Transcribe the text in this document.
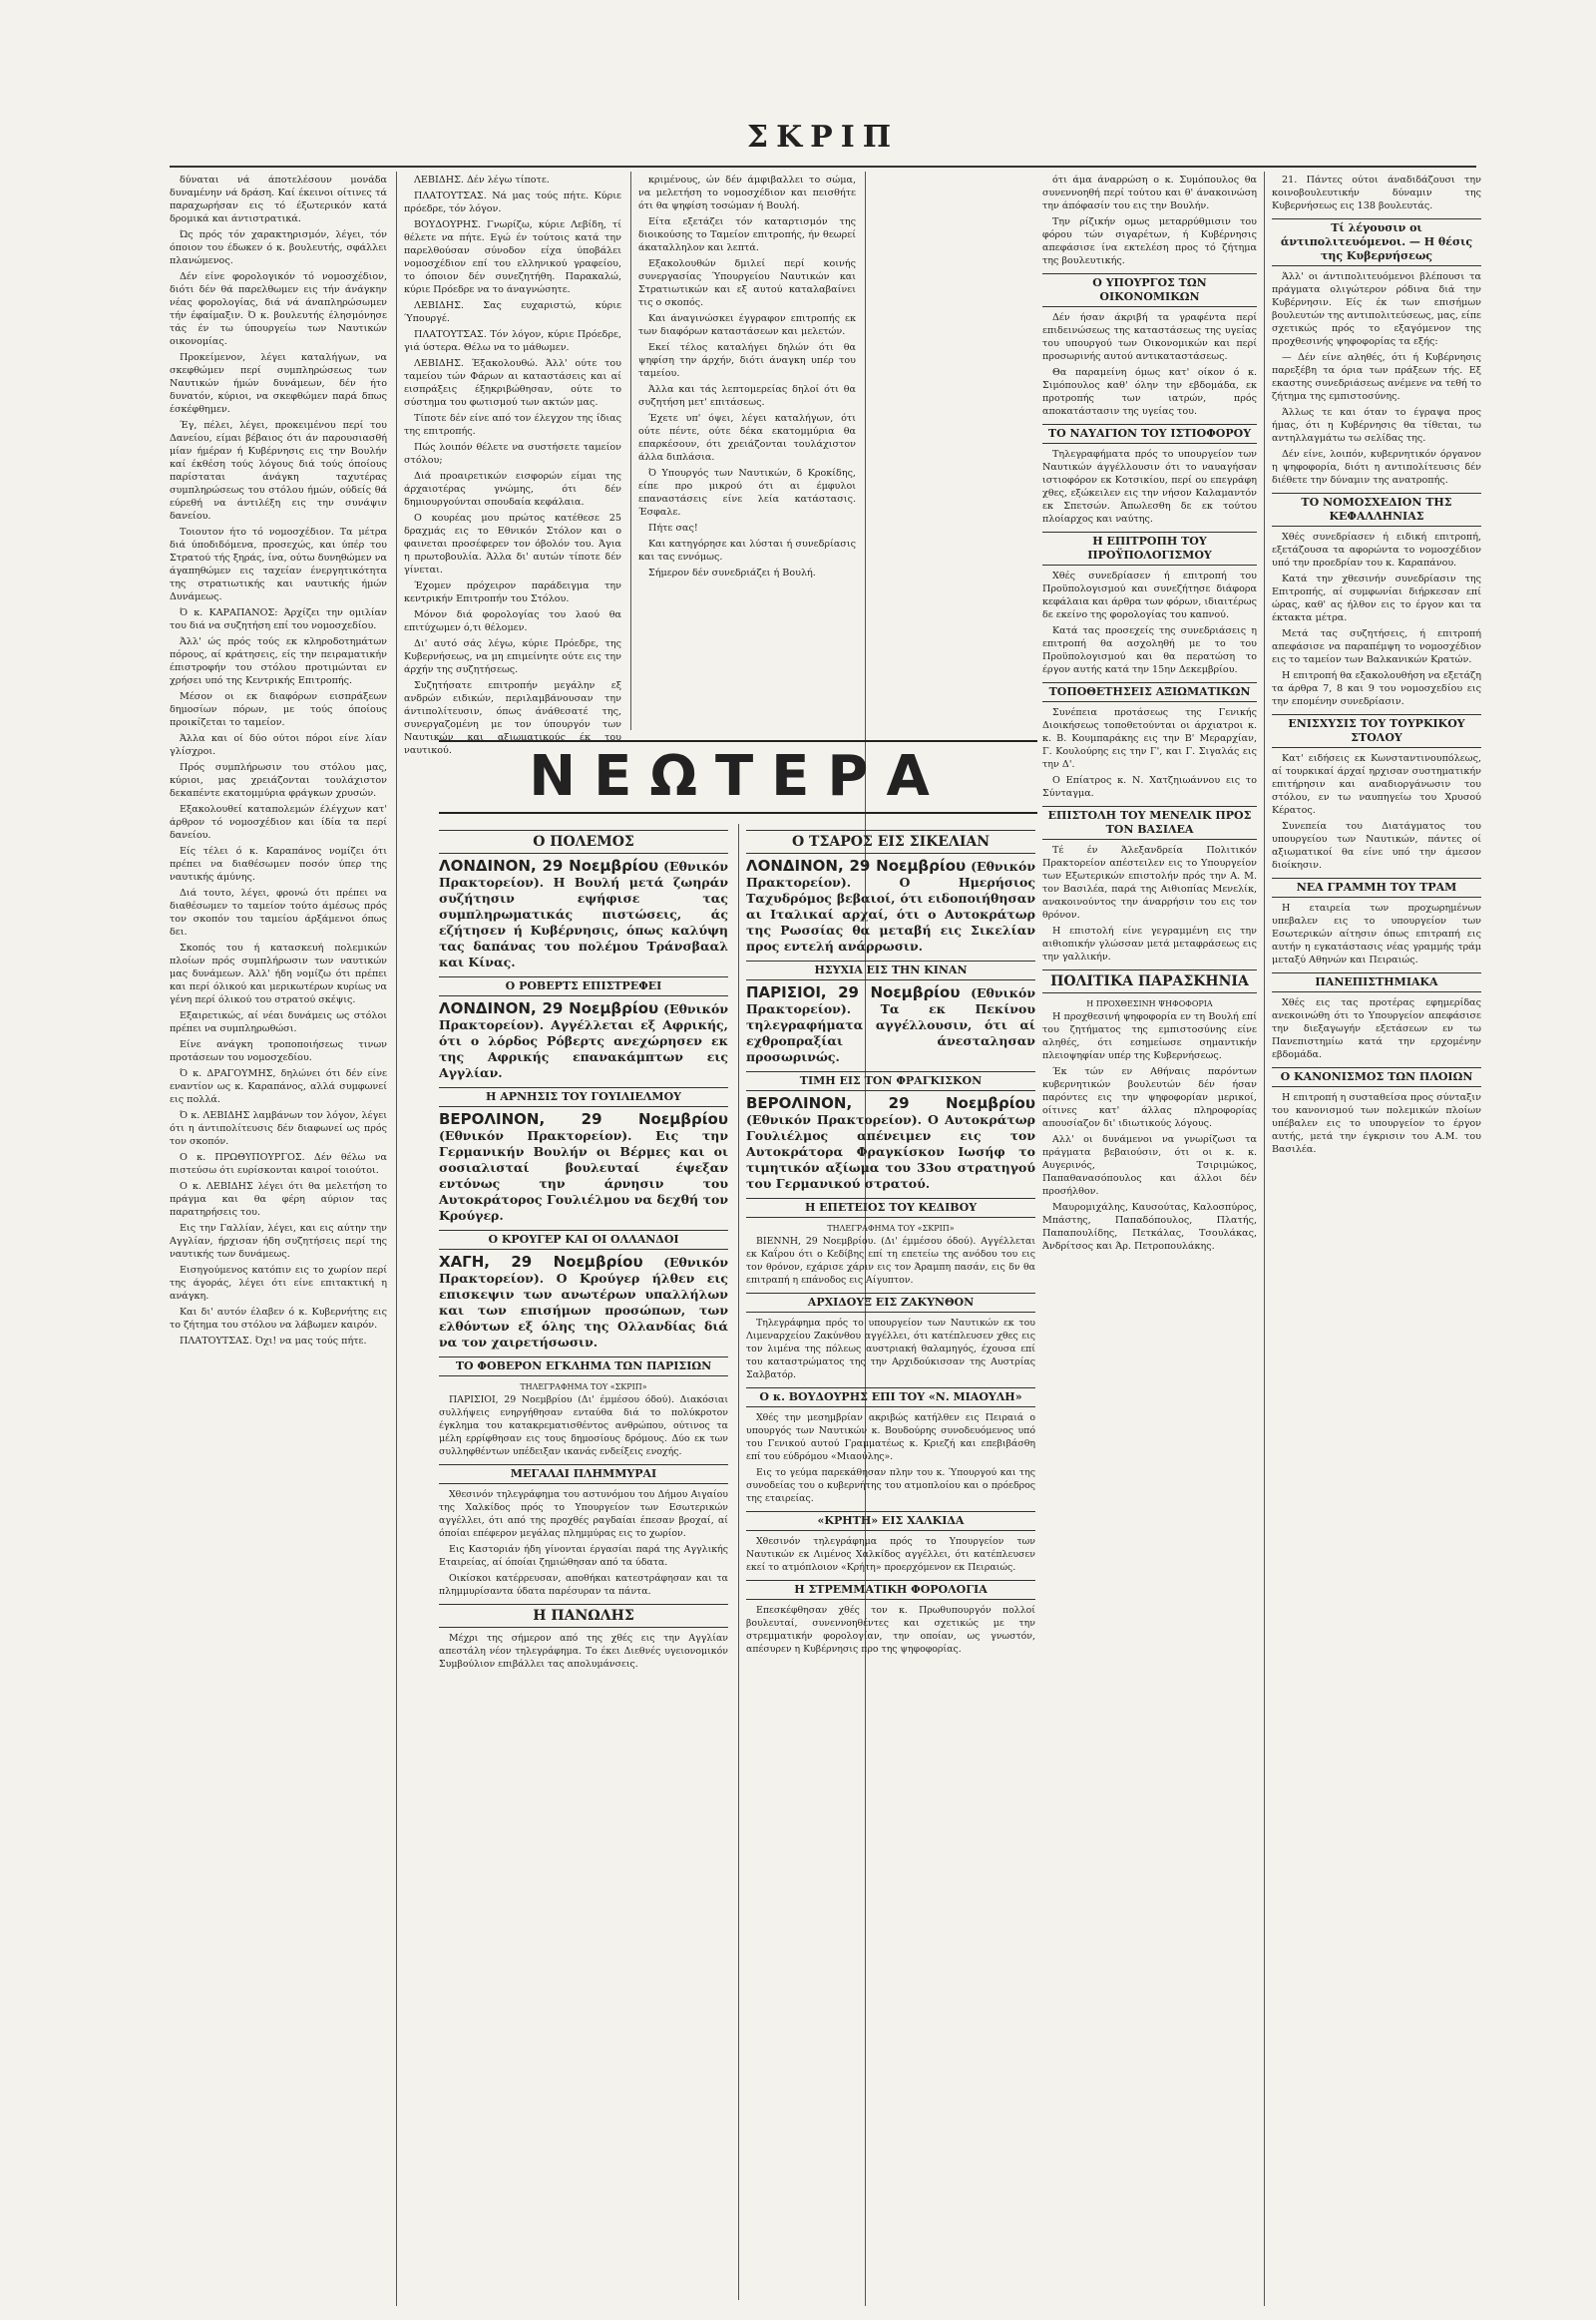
ΣΚΡΙΠ

δύναται νά άποτελέσουν μονάδα δυναμένην νά δράση. Καί έκεινοι οίτινες τά παραχωρήσαν εις τό έξωτερικόν κατά δρομικά και άντιστρατικά.

Ώς πρός τόν χαρακτηρισμόν, λέγει, τόν όποιον του έδωκεν ό κ. βουλευτής, σφάλλει πλανώμενος.

Δέν είνε φορολογικόν τό νομοσχέδιον, διότι δέν θά παρελθωμεν εις τήν άνάγκην νέας φορολογίας, διά νά άναπληρώσωμεν τήν έφαίμαξιν. Ό κ. βουλευτής έλησμόνησε τάς έν τω ύπουργείω των Ναυτικών οικονομίας.

Προκείμενον, λέγει καταλήγων, να σκεφθώμεν περί συμπληρώσεως των Ναυτικών ήμών δυνάμεων, δέν ήτο δυνατόν, κύριοι, να σκεφθώμεν παρά δπως έσκέφθημεν.

Έγ, πέλει, λέγει, προκειμένου περί του Δανείου, είμαι βέβαιος ότι άν παρουσιασθή μίαν ήμέραν ή Κυβέρνησις εις την Βουλήν καί έκθέση τούς λόγους διά τούς όποίους παρίσταται άνάγκη ταχυτέρας συμπληρώσεως του στόλου ήμών, ούδείς θά εύρεθή να άντιλέξη εις την συνάψιν δανείου.

Τοιουτον ήτο τό νομοσχέδιον. Τα μέτρα διά ύποδιδόμενα, προσεχώς, και ύπέρ του Στρατού τής ξηράς, ίνα, ούτω δυνηθώμεν να άγαπηθώμεν εις ταχείαν ένεργητικότητα της στρατιωτικής και ναυτικής ήμών Δυνάμεως.

Ό κ. ΚΑΡΑΠΑΝΟΣ: Άρχίζει την ομιλίαν του διά να συζητήση επί του νομοσχεδίου.

Άλλ' ώς πρός τούς εκ κληροδοτημάτων πόρους, αί κράτησεις, είς την πειραματικήν έπιστροφήν του στόλου προτιμώνται εν χρήσει υπό της Κεντρικής Επιτροπής.

Μέσον οι εκ διαφόρων εισπράξεων δημοσίων πόρων, με τούς όποίους προικίζεται το ταμείον.

Άλλα και οί δύο ούτοι πόροι είνε λίαν γλίσχροι.

Πρός συμπλήρωσιν του στόλου μας, κύριοι, μας χρειάζονται τουλάχιστον δεκαπέντε εκατομμύρια φράγκων χρυσών.

Εξακολουθεί καταπολεμών έλέγχων κατ' άρθρον τό νομοσχέδιον και ίδία τα περί δανείου.

Είς τέλει ό κ. Καραπάνος νομίζει ότι πρέπει να διαθέσωμεν ποσόν ύπερ της ναυτικής άμύνης.

Διά τουτο, λέγει, φρονώ ότι πρέπει να διαθέσωμεν το ταμείον τούτο άμέσως πρός τον σκοπόν του ταμείου άρξάμενοι όπως δει.

Σκοπός του ή κατασκευή πολεμικών πλοίων πρός συμπλήρωσιν των ναυτικών μας δυνάμεων. Άλλ' ήδη νομίζω ότι πρέπει και περί όλικού και μερικωτέρων κυρίως να γένη περί όλικού του στρατού σκέψις.

Εξαιρετικώς, αί νέαι δυνάμεις ως στόλοι πρέπει να συμπληρωθώσι.

Είνε ανάγκη τροποποιήσεως τινων προτάσεων του νομοσχεδίου.

Ό κ. ΔΡΑΓΟΥΜΗΣ, δηλώνει ότι δέν είνε εναντίον ως κ. Καραπάνος, αλλά συμφωνεί εις πολλά.

Ό κ. ΛΕΒΙΔΗΣ λαμβάνων τον λόγον, λέγει ότι η άντιπολίτευσις δέν διαφωνεί ως πρός τον σκοπόν.

Ο κ. ΠΡΩΘΥΠΟΥΡΓΟΣ. Δέν θέλω να πιστεύσω ότι ευρίσκονται καιροί τοιούτοι.

Ο κ. ΛΕΒΙΔΗΣ λέγει ότι θα μελετήση το πράγμα και θα φέρη αύριον τας παρατηρήσεις του.

Εις την Γαλλίαν, λέγει, και εις αύτην την Αγγλίαν, ήρχισαν ήδη συζητήσεις περί της ναυτικής των δυνάμεως.

Εισηγούμενος κατόπιν εις το χωρίον περί της άγοράς, λέγει ότι είνε επιτακτική η ανάγκη.

Και δι' αυτόν έλαβεν ό κ. Κυβερνήτης εις το ζήτημα του στόλου να λάβωμεν καιρόν.

ΠΛΑΤΟΥΤΣΑΣ. Όχι! να μας τούς πήτε.

ΛΕΒΙΔΗΣ. Δέν λέγω τίποτε.

ΠΛΑΤΟΥΤΣΑΣ. Νά μας τούς πήτε. Κύριε πρόεδρε, τόν λόγον.

ΒΟΥΔΟΥΡΗΣ. Γνωρίζω, κύριε Λεβίδη, τί θέλετε να πήτε. Εγώ έν τούτοις κατά την παρελθούσαν σύνοδον είχα ύποβάλει νομοσχέδιον επί του ελληνικού γραφείου, το όποιον δέν συνεζητήθη. Παρακαλώ, κύριε Πρόεδρε να το άναγνώσητε.

ΛΕΒΙΔΗΣ. Σας ευχαριστώ, κύριε Ύπουργέ.

ΠΛΑΤΟΥΤΣΑΣ. Τόν λόγον, κύριε Πρόεδρε, γιά ύστερα. Θέλω να το μάθωμεν.

ΛΕΒΙΔΗΣ. Έξακολουθώ. Άλλ' ούτε του ταμείου τών Φάρων αι καταστάσεις και αί εισπράξεις έξηκριβώθησαν, ούτε το σύστημα του φωτισμού των ακτών μας.

Τίποτε δέν είνε από τον έλεγχον της ίδιας της επιτροπής.

Πώς λοιπόν θέλετε να συστήσετε ταμείον στόλου;

Διά προαιρετικών εισφορών είμαι της άρχαιοτέρας γνώμης, ότι δέν δημιουργούνται σπουδαία κεφάλαια.

Ο κουρέας μου πρώτος κατέθεσε 25 δραχμάς εις το Εθνικόν Στόλον και ο φαινεται προσέφερεν τον όβολόν του. Άγια η πρωτοβουλία. Άλλα δι' αυτών τίποτε δέν γίνεται.

Έχομεν πρόχειρον παράδειγμα την κεντρικήν Επιτροπήν του Στόλου.

Μόνον διά φορολογίας του λαού θα επιτύχωμεν ό,τι θέλομεν.

Δι' αυτό σάς λέγω, κύριε Πρόεδρε, της Κυβερνήσεως, να μη επιμείνητε ούτε εις την άρχήν της συζητήσεως.

Συζητήσατε επιτροπήν μεγάλην εξ ανδρών ειδικών, περιλαμβάνουσαν την άντιπολίτευσιν, όπως άνάθεσατέ της, συνεργαζομένη με τον ύπουργόν των Ναυτικών και αξιωματικούς έκ του ναυτικού.

κριμένους, ών δέν άμφιβαλλει το σώμα, να μελετήση το νομοσχέδιον και πεισθήτε ότι θα ψηφίση τοσώμαν ή Βουλή.

Είτα εξετάζει τόν καταρτισμόν της διοικούσης το Ταμείον επιτροπής, ήν θεωρεί άκαταλληλον και λεπτά.

Εξακολουθών δμιλεί περί κοινής συνεργασίας Ύπουργείου Ναυτικών και Στρατιωτικών και εξ αυτού καταλαβαίνει τις ο σκοπός.

Και άναγινώσκει έγγραφον επιτροπής εκ των διαφόρων καταστάσεων και μελετών.

Εκεί τέλος καταλήγει δηλών ότι θα ψηφίση την άρχήν, διότι άναγκη υπέρ του ταμείου.

Άλλα και τάς λεπτομερείας δηλοί ότι θα συζητήση μετ' επιτάσεως.

Έχετε υπ' όψει, λέγει καταλήγων, ότι ούτε πέντε, ούτε δέκα εκατομμύρια θα επαρκέσουν, ότι χρειάζονται τουλάχιστον άλλα διπλάσια.

Ό Υπουργός των Ναυτικών, δ Κροκίδης, είπε προ μικρού ότι αι έμφυλοι επαναστάσεις είνε λεία κατάστασις. Έσφαλε.

Πήτε σας!

Και κατηγόρησε και λύσται ή συνεδρίασις και τας εννόμως.

Σήμερον δέν συνεδριάζει ή Βουλή.

ΝΕΩΤΕΡΑ
Ο ΠΟΛΕΜΟΣ
ΛΟΝΔΙΝΟΝ, 29 Νοεμβρίου (Εθνικόν Πρακτορείον). Η Βουλή μετά ζωηράν συζήτησιν εψήφισε τας συμπληρωματικάς πιστώσεις, άς εζήτησεν ή Κυβέρνησις, όπως καλύψη τας δαπάνας του πολέμου Τράνσβααλ και Κίνας.
Ο ΡΟΒΕΡΤΣ ΕΠΙΣΤΡΕΦΕΙ
ΛΟΝΔΙΝΟΝ, 29 Νοεμβρίου (Εθνικόν Πρακτορείον). Αγγέλλεται εξ Αφρικής, ότι ο λόρδος Ρόβερτς ανεχώρησεν εκ της Αφρικής επανακάμπτων εις Αγγλίαν.
Η ΑΡΝΗΣΙΣ ΤΟΥ ΓΟΥΙΛΙΕΛΜΟΥ
ΒΕΡΟΛΙΝΟΝ, 29 Νοεμβρίου (Εθνικόν Πρακτορείον). Εις την Γερμανικήν Βουλήν οι Βέρμες και οι σοσιαλισταί βουλευταί έψεξαν εντόνως την άρνησιν του Αυτοκράτορος Γουλιέλμου να δεχθή τον Κρούγερ.
Ο ΚΡΟΥΓΕΡ ΚΑΙ ΟΙ ΟΛΛΑΝΔΟΙ
ΧΑΓΗ, 29 Νοεμβρίου (Εθνικόν Πρακτορείον). Ο Κρούγερ ήλθεν εις επισκεψιν των ανωτέρων υπαλλήλων και των επισήμων προσώπων, των ελθόντων εξ όλης της Ολλανδίας διά να τον χαιρετήσωσιν.
ΤΟ ΦΟΒΕΡΟΝ ΕΓΚΛΗΜΑ ΤΩΝ ΠΑΡΙΣΙΩΝ
ΤΗΛΕΓΡΑΦΗΜΑ ΤΟΥ «ΣΚΡΙΠ»

ΠΑΡΙΣΙΟΙ, 29 Νοεμβρίου (Δι' έμμέσου όδού). Διακόσιαι συλλήψεις ενηργήθησαν ενταύθα διά το πολύκροτον έγκλημα του κατακρεματισθέντος ανθρώπου, ούτινος τα μέλη ερρίφθησαν εις τους δημοσίους δρόμους. Δύο εκ των συλληφθέντων υπέδειξαν ικανάς ενδείξεις ενοχής.

ΜΕΓΑΛΑΙ ΠΛΗΜΜΥΡΑΙ

Χθεσινόν τηλεγράφημα του αστυνόμου του Δήμου Αιγαίου της Χαλκίδος πρός το Υπουργείον των Εσωτερικών αγγέλλει, ότι από της προχθές ραγδαίαι έπεσαν βροχαί, αί όποίαι επέφερον μεγάλας πλημμύρας εις το χωρίον.

Εις Καστοριάν ήδη γίνονται έργασίαι παρά της Αγγλικής Εταιρείας, αί όποίαι ζημιώθησαν από τα ύδατα.

Οικίσκοι κατέρρευσαν, αποθήκαι κατεστράφησαν και τα πλημμυρίσαντα ύδατα παρέσυραν τα πάντα.

Η ΠΑΝΩΛΗΣ

Μέχρι της σήμερον από της χθές εις την Αγγλίαν απεστάλη νέον τηλεγράφημα. Το έκει Διεθνές υγειονομικόν Συμβούλιον επιβάλλει τας απολυμάνσεις.

Ο ΤΣΑΡΟΣ ΕΙΣ ΣΙΚΕΛΙΑΝ
ΛΟΝΔΙΝΟΝ, 29 Νοεμβρίου (Εθνικόν Πρακτορείον). Ο Ημερήσιος Ταχυδρόμος βεβαιοί, ότι ειδοποιήθησαν αι Ιταλικαί αρχαί, ότι ο Αυτοκράτωρ της Ρωσσίας θα μεταβή εις Σικελίαν προς εντελή ανάρρωσιν.
ΗΣΥΧΙΑ ΕΙΣ ΤΗΝ ΚΙΝΑΝ
ΠΑΡΙΣΙΟΙ, 29 Νοεμβρίου (Εθνικόν Πρακτορείον). Τα εκ Πεκίνου τηλεγραφήματα αγγέλλουσιν, ότι αί εχθροπραξίαι άνεσταλησαν προσωρινώς.
ΤΙΜΗ ΕΙΣ ΤΟΝ ΦΡΑΓΚΙΣΚΟΝ
ΒΕΡΟΛΙΝΟΝ, 29 Νοεμβρίου (Εθνικόν Πρακτορείον). Ο Αυτοκράτωρ Γουλιέλμος απένειμεν εις τον Αυτοκράτορα Φραγκίσκον Ιωσήφ το τιμητικόν αξίωμα του 33ου στρατηγού του Γερμανικού στρατού.
Η ΕΠΕΤΕΙΟΣ ΤΟΥ ΚΕΔΙΒΟΥ
ΤΗΛΕΓΡΑΦΗΜΑ ΤΟΥ «ΣΚΡΙΠ»

ΒΙΕΝΝΗ, 29 Νοεμβρίου. (Δι' έμμέσου όδού). Αγγέλλεται εκ Καΐρου ότι ο Κεδίβης επί τη επετείω της ανόδου του εις τον θρόνον, εχάρισε χάριν εις τον Άραμπη πασάν, εις δν θα επιτραπή η επάνοδος εις Αίγυπτον.

ΑΡΧΙΔΟΥΞ ΕΙΣ ΖΑΚΥΝΘΟΝ

Τηλεγράφημα πρός το υπουργείον των Ναυτικών εκ του Λιμεναρχείου Ζακύνθου αγγέλλει, ότι κατέπλευσεν χθες εις τον λιμένα της πόλεως αυστριακή θαλαμηγός, έχουσα επί του καταστρώματος της την Αρχιδούκισσαν της Αυστρίας Σαλβατόρ.

Ο κ. ΒΟΥΔΟΥΡΗΣ ΕΠΙ ΤΟΥ «Ν. ΜΙΑΟΥΛΗ»

Χθές την μεσημβρίαν ακριβώς κατήλθεν εις Πειραιά ο υπουργός των Ναυτικών κ. Βουδούρης συνοδευόμενος υπό του Γενικού αυτού Γραμματέως κ. Κριεζή και επεβιβάσθη επί του εύδρόμου «Μιαούλης».

Εις το γεύμα παρεκάθησαν πλην του κ. Ύπουργού και της συνοδείας του ο κυβερνήτης του ατμοπλοίου και ο πρόεδρος της εταιρείας.

«ΚΡΗΤΗ» ΕΙΣ ΧΑΛΚΙΔΑ

Χθεσινόν τηλεγράφημα πρός το Υπουργείον των Ναυτικών εκ Λιμένος Χαλκίδος αγγέλλει, ότι κατέπλευσεν εκεί το ατμόπλοιον «Κρήτη» προερχόμενον εκ Πειραιώς.

Η ΣΤΡΕΜΜΑΤΙΚΗ ΦΟΡΟΛΟΓΙΑ

Επεσκέφθησαν χθές τον κ. Πρωθυπουργόν πολλοί βουλευταί, συνεννοηθέντες και σχετικώς με την στρεμματικήν φορολογίαν, την οποίαν, ως γνωστόν, απέσυρεν η Κυβέρνησις προ της ψηφοφορίας.

ότι άμα άναρρώση ο κ. Συμόπουλος θα συνεννοηθή περί τούτου και θ' άνακοινώση την άπόφασίν του εις την Βουλήν.

Την ρίζικήν ομως μεταρρύθμισιν του φόρου τών σιγαρέτων, ή Κυβέρνησις απεφάσισε ίνα εκτελέση προς τό ζήτημα της βουλευτικής.

Ο ΥΠΟΥΡΓΟΣ ΤΩΝ ΟΙΚΟΝΟΜΙΚΩΝ

Δέν ήσαν άκριβή τα γραφέντα περί επιδεινώσεως της καταστάσεως της υγείας του υπουργού των Οικονομικών και περί προσωρινής αυτού αντικαταστάσεως.

Θα παραμείνη όμως κατ' οίκον ό κ. Σιμόπουλος καθ' όλην την εβδομάδα, εκ προτροπής των ιατρών, πρός αποκατάστασιν της υγείας του.

ΤΟ ΝΑΥΑΓΙΟΝ ΤΟΥ ΙΣΤΙΟΦΟΡΟΥ

Τηλεγραφήματα πρός το υπουργείον των Ναυτικών άγγέλλουσιν ότι το ναυαγήσαν ιστιοφόρον εκ Κοτσικίου, περί ου επεγράφη χθες, εξώκειλεν εις την νήσον Καλαμαντόν εκ Σπετσών. Άπωλεσθη δε εκ τούτου πλοίαρχος και ναύτης.

Η ΕΠΙΤΡΟΠΗ ΤΟΥ ΠΡΟΫΠΟΛΟΓΙΣΜΟΥ

Χθές συνεδρίασεν ή επιτροπή του Προϋπολογισμού και συνεζήτησε διάφορα κεφάλαια και άρθρα των φόρων, ιδιαιτέρως δε εκείνο της φορολογίας του καπνού.

Κατά τας προσεχείς της συνεδριάσεις η επιτροπή θα ασχοληθή με το του Προϋπολογισμού και θα περατώση το έργον αυτής κατά την 15ην Δεκεμβρίου.

ΤΟΠΟΘΕΤΗΣΕΙΣ ΑΞΙΩΜΑΤΙΚΩΝ

Συνέπεια προτάσεως της Γενικής Διοικήσεως τοποθετούνται οι άρχιατροι κ. κ. Β. Κουμπαράκης εις την Β' Μεραρχίαν, Γ. Κουλούρης εις την Γ', και Γ. Σιγαλάς εις την Δ'.

Ο Επίατρος κ. Ν. Χατζηιωάννου εις το Σύνταγμα.

ΕΠΙΣΤΟΛΗ ΤΟΥ ΜΕΝΕΛΙΚ ΠΡΟΣ ΤΟΝ ΒΑΣΙΛΕΑ

Τέ έν Άλεξανδρεία Πολιτικόν Πρακτορείον απέστειλεν εις το Υπουργείον των Εξωτερικών επιστολήν πρός την Α. Μ. τον Βασιλέα, παρά της Αιθιοπίας Μενελίκ, ανακοινούντος την άναρρήσιν του εις τον θρόνον.

Η επιστολή είνε γεγραμμένη εις την αιθιοπικήν γλώσσαν μετά μεταφράσεως εις την γαλλικήν.

ΠΟΛΙΤΙΚΑ ΠΑΡΑΣΚΗΝΙΑ
Η ΠΡΟΧΘΕΣΙΝΗ ΨΗΦΟΦΟΡΙΑ

Η προχθεσινή ψηφοφορία εν τη Βουλή επί του ζητήματος της εμπιστοσύνης είνε αληθές, ότι εσημείωσε σημαντικήν πλειοψηφίαν υπέρ της Κυβερνήσεως.

Έκ τών εν Αθήναις παρόντων κυβερνητικών βουλευτών δέν ήσαν παρόντες εις την ψηφοφορίαν μερικοί, οίτινες κατ' άλλας πληροφορίας απουσίαζον δι' ιδιωτικούς λόγους.

Αλλ' οι δυνάμενοι να γνωρίζωσι τα πράγματα βεβαιούσιν, ότι οι κ. κ. Αυγερινός, Τσιριμώκος, Παπαθανασόπουλος και άλλοι δέν προσήλθον.

Μαυρομιχάλης, Καυσούτας, Καλοσπύρος, Μπάστης, Παπαδόπουλος, Πλατής, Παπαπουλίδης, Πετκάλας, Τσουλάκας, Άνδρίτσος και Άρ. Πετροπουλάκης.

21. Πάντες ούτοι άναδιδάζουσι την κοινοβουλευτικήν δύναμιν της Κυβερνήσεως εις 138 βουλευτάς.

Τί λέγουσιν οι άντιπολιτευόμενοι. — Η θέσις της Κυβερνήσεως

Άλλ' οι άντιπολιτευόμενοι βλέπουσι τα πράγματα ολιγώτερον ρόδινα διά την Κυβέρνησιν. Είς έκ των επισήμων βουλευτών της αντιπολιτεύσεως, μας, είπε σχετικώς πρός το εξαγόμενον της προχθεσινής ψηφοφορίας τα εξής:

— Δέν είνε αληθές, ότι ή Κυβέρνησις παρεξέβη τα όρια των πράξεων τής. Εξ εκαστης συνεδριάσεως ανέμενε να τεθή το ζήτημα της εμπιστοσύνης.

Άλλως τε και όταν το έγραψα προς ήμας, ότι η Κυβέρνησις θα τίθεται, τω αντηλλαγμάτω τω σελίδας της.

Δέν είνε, λοιπόν, κυβερνητικόν όργανον η ψηφοφορία, διότι η αντιπολίτευσις δέν διέθετε την δύναμιν της ανατροπής.

ΤΟ ΝΟΜΟΣΧΕΔΙΟΝ ΤΗΣ ΚΕΦΑΛΛΗΝΙΑΣ

Χθές συνεδρίασεν ή ειδική επιτροπή, εξετάζουσα τα αφορώντα το νομοσχέδιον υπό την προεδρίαν του κ. Καραπάνου.

Κατά την χθεσινήν συνεδρίασιν της Επιτροπής, αί συμφωνίαι διήρκεσαν επί ώρας, καθ' ας ήλθον εις το έργον και τα έκτακτα μέτρα.

Μετά τας συζητήσεις, ή επιτροπή απεφάσισε να παραπέμψη το νομοσχέδιον εις το ταμείον των Βαλκανικών Κρατών.

Η επιτροπή θα εξακολουθήση να εξετάζη τα άρθρα 7, 8 και 9 του νομοσχεδίου εις την επομένην συνεδρίασιν.

ΕΝΙΣΧΥΣΙΣ ΤΟΥ ΤΟΥΡΚΙΚΟΥ ΣΤΟΛΟΥ

Κατ' ειδήσεις εκ Κωνσταντινουπόλεως, αί τουρκικαί άρχαί ηρχισαν συστηματικήν επιτήρησιν και αναδιοργάνωσιν του στόλου, εν τω ναυπηγείω του Χρυσού Κέρατος.

Συνεπεία του Διατάγματος του υπουργείου των Ναυτικών, πάντες οί αξιωματικοί θα είνε υπό την άμεσον διοίκησιν.

ΝΕΑ ΓΡΑΜΜΗ ΤΟΥ ΤΡΑΜ

Η εταιρεία των προχωρημένων υπεβαλεν εις το υπουργείον των Εσωτερικών αίτησιν όπως επιτραπή εις αυτήν η εγκατάστασις νέας γραμμής τράμ μεταξύ Αθηνών και Πειραιώς.

ΠΑΝΕΠΙΣΤΗΜΙΑΚΑ

Χθές εις τας προτέρας εφημερίδας ανεκοινώθη ότι το Υπουργείον απεφάσισε την διεξαγωγήν εξετάσεων εν τω Πανεπιστημίω κατά την ερχομένην εβδομάδα.

Ο ΚΑΝΟΝΙΣΜΟΣ ΤΩΝ ΠΛΟΙΩΝ

Η επιτροπή η συσταθείσα προς σύνταξιν του κανονισμού των πολεμικών πλοίων υπέβαλεν εις το υπουργείον το έργον αυτής, μετά την έγκρισιν του Α.Μ. του Βασιλέα.
